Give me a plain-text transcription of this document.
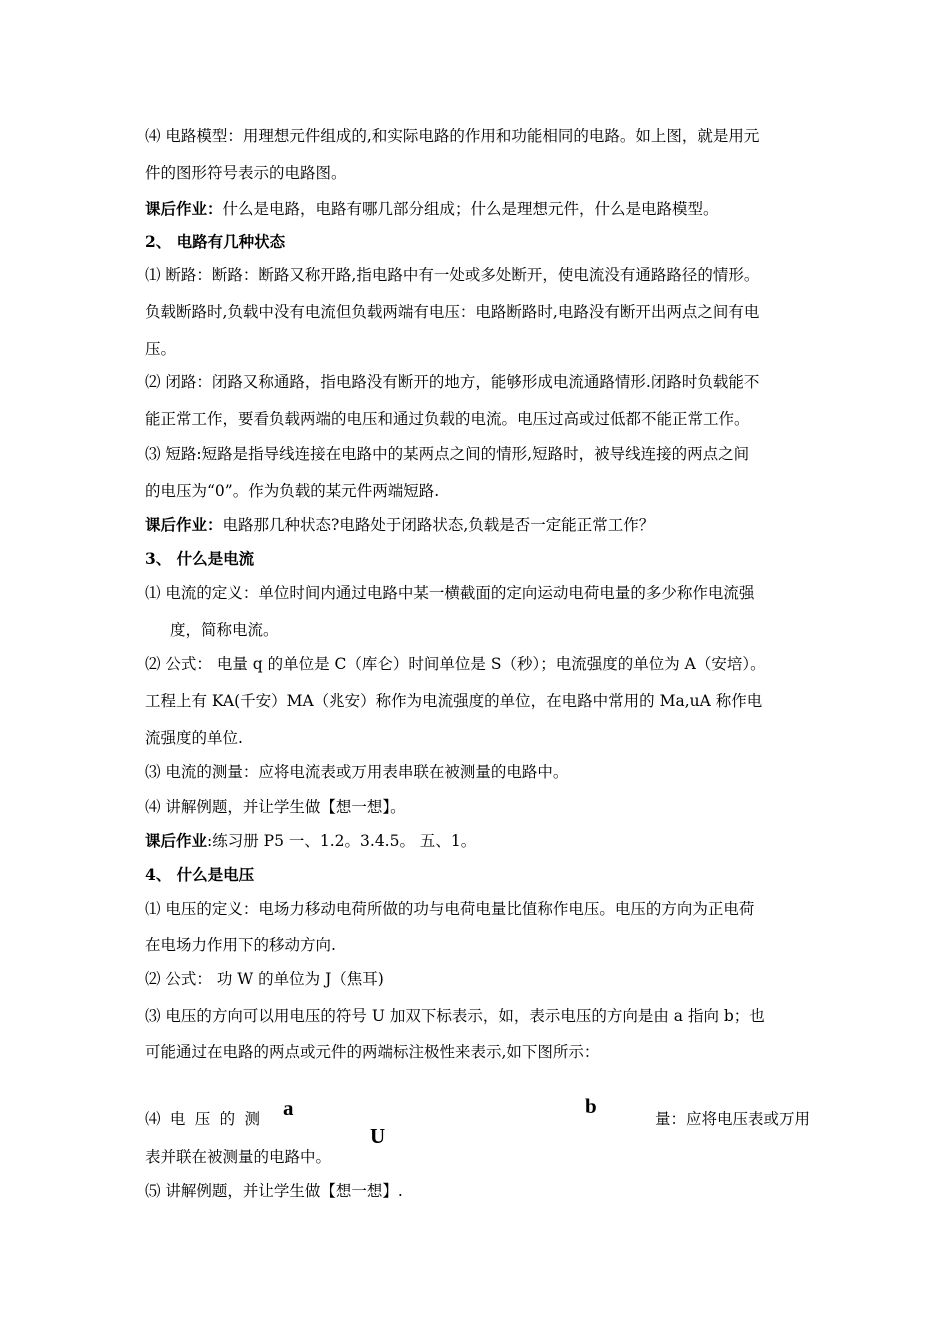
⑷ 电路模型：用理想元件组成的,和实际电路的作用和功能相同的电路。如上图，就是用元
件的图形符号表示的电路图。
课后作业：什么是电路，电路有哪几部分组成；什么是理想元件，什么是电路模型。
2、 电路有几种状态
⑴ 断路：断路：断路又称开路,指电路中有一处或多处断开，使电流没有通路路径的情形。
负载断路时,负载中没有电流但负载两端有电压：电路断路时,电路没有断开出两点之间有电
压。
⑵ 闭路：闭路又称通路，指电路没有断开的地方，能够形成电流通路情形.闭路时负载能不
能正常工作，要看负载两端的电压和通过负载的电流。电压过高或过低都不能正常工作。
⑶ 短路:短路是指导线连接在电路中的某两点之间的情形,短路时，被导线连接的两点之间
的电压为“0”。作为负载的某元件两端短路.
课后作业：电路那几种状态?电路处于闭路状态,负载是否一定能正常工作？
3、 什么是电流
⑴ 电流的定义：单位时间内通过电路中某一横截面的定向运动电荷电量的多少称作电流强
度，简称电流。
⑵ 公式： 电量 q 的单位是 C（库仑）时间单位是 S（秒）；电流强度的单位为 A（安培）。
工程上有 KA(千安）MA（兆安）称作为电流强度的单位，在电路中常用的 Ma,uA 称作电
流强度的单位.
⑶ 电流的测量：应将电流表或万用表串联在被测量的电路中。
⑷ 讲解例题，并让学生做【想一想】。
课后作业:练习册 P5 一、1.2。3.4.5。 五、1。
4、 什么是电压
⑴ 电压的定义：电场力移动电荷所做的功与电荷电量比值称作电压。电压的方向为正电荷
在电场力作用下的移动方向.
⑵ 公式： 功 W 的单位为 J（焦耳)
⑶ 电压的方向可以用电压的符号 U 加双下标表示，如，表示电压的方向是由 a 指向 b；也
可能通过在电路的两点或元件的两端标注极性来表示,如下图所示：
⑷ 电 压 的 测 a
U
b
量：应将电压表或万用
表并联在被测量的电路中。
⑸ 讲解例题，并让学生做【想一想】.
